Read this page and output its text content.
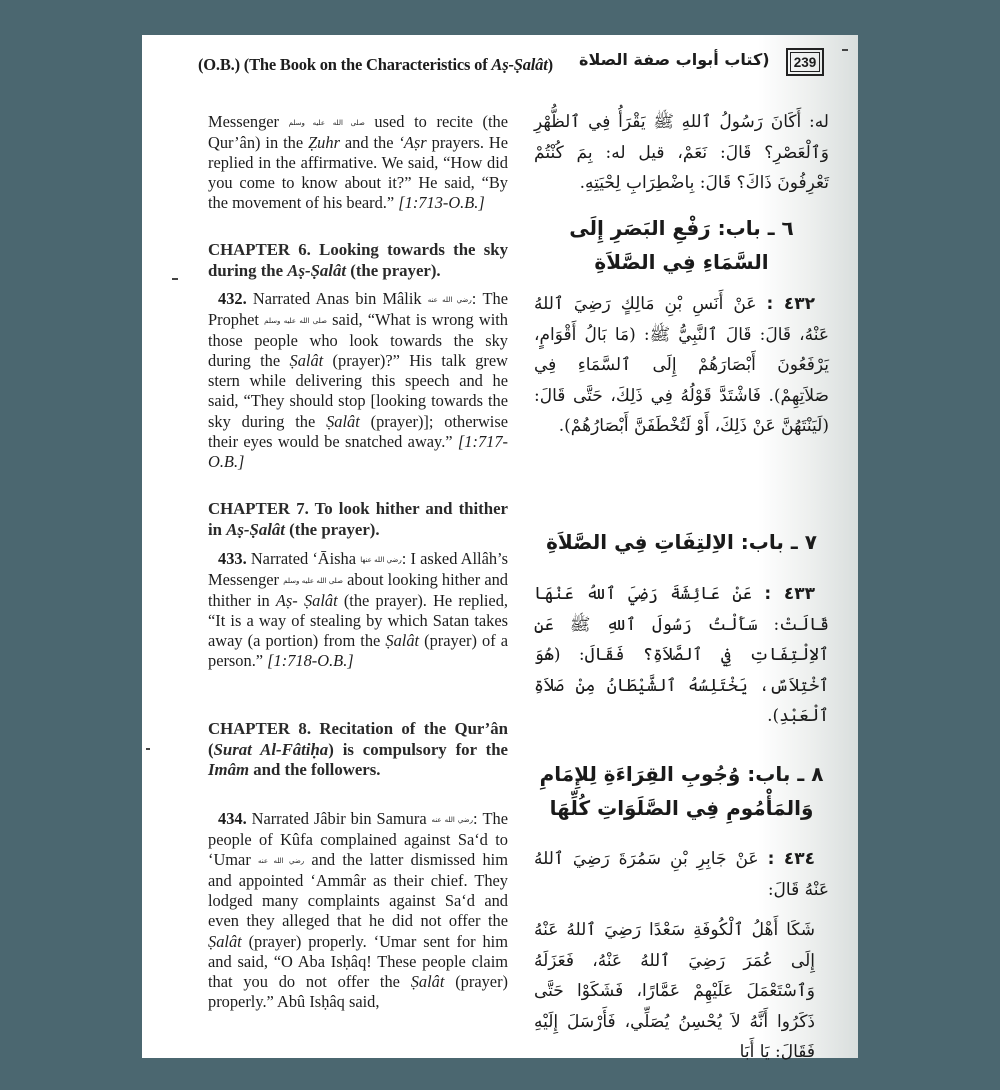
(O.B.) (The Book on the Characteristics of Aṣ-Ṣalât) (كتاب أبواب صفة الصلاة 239

Messenger صلى الله عليه وسلم used to recite (the Qur’ân) in the Ẓuhr and the ‘Aṣr prayers. He replied in the affirmative. We said, “How did you come to know about it?” He said, “By the movement of his beard.” [1:713-O.B.]

CHAPTER 6. Looking towards the sky during the Aṣ-Ṣalât (the prayer).

432. Narrated Anas bin Mâlik رضي الله عنه: The Prophet صلى الله عليه وسلم said, “What is wrong with those people who look towards the sky during the Ṣalât (prayer)?” His talk grew stern while delivering this speech and he said, “They should stop [looking towards the sky during the Ṣalât (prayer)]; otherwise their eyes would be snatched away.” [1:717-O.B.]

CHAPTER 7. To look hither and thither in Aṣ-Ṣalât (the prayer).

433. Narrated ‘Āisha رضي الله عنها: I asked Allâh’s Messenger صلى الله عليه وسلم about looking hither and thither in Aṣ- Ṣalât (the prayer). He replied, “It is a way of stealing by which Satan takes away (a portion) from the Ṣalât (prayer) of a person.” [1:718-O.B.]

CHAPTER 8. Recitation of the Qur’ân (Surat Al-Fâtiḥa) is compulsory for the Imâm and the followers.

434. Narrated Jâbir bin Samura رضي الله عنه: The people of Kûfa complained against Sa‘d to ‘Umar رضي الله عنه and the latter dismissed him and appointed ‘Ammâr as their chief. They lodged many complaints against Sa‘d and even they alleged that he did not offer the Ṣalât (prayer) properly. ‘Umar sent for him and said, “O Aba Isḥâq! These people claim that you do not offer the Ṣalât (prayer) properly.” Abû Isḥâq said,

له: أَكَانَ رَسُولُ ٱللهِ ﷺ يَقْرَأُ فِي ٱلظُّهْرِ وَٱلْعَصْرِ؟ قَالَ: نَعَمْ، قيل له: بِمَ كُنْتُمْ تَعْرِفُونَ ذَاكَ؟ قَالَ: بِاضْطِرَابِ لِحْيَتِهِ.
٦ ـ باب: رَفْعِ البَصَرِ إِلَى السَّمَاءِ فِي الصَّلاَةِ
٤٣٢ : عَنْ أَنَسِ بْنِ مَالِكٍ رَضِيَ ٱللهُ عَنْهُ، قَالَ: قَالَ ٱلنَّبِيُّ ﷺ: (مَا بَالُ أَقْوَامٍ، يَرْفَعُونَ أَبْصَارَهُمْ إِلَى ٱلسَّمَاءِ فِي صَلاَتِهِمْ). فَاشْتَدَّ قَوْلُهُ فِي ذَلِكَ، حَتَّى قَالَ: (لَيَنْتَهُنَّ عَنْ ذَلِكَ، أَوْ لَتُخْطَفَنَّ أَبْصَارُهُمْ).
٧ ـ باب: الاِلتِفَاتِ فِي الصَّلاَةِ
٤٣٣ : عَنْ عَائِشَةَ رَضِيَ ٱللهُ عَنْهَا قَالَتْ: سَأَلْتُ رَسُولَ ٱللهِ ﷺ عَنِ ٱلاِلْتِفَاتِ فِي ٱلصَّلاَةِ؟ فَقَالَ: (هُوَ ٱخْتِلاَسٌ، يَخْتَلِسُهُ ٱلشَّيْطَانُ مِنْ صَلاَةِ ٱلْعَبْدِ).
٨ ـ باب: وُجُوبِ القِرَاءَةِ لِلإِمَامِ وَالمَأْمُومِ فِي الصَّلَوَاتِ كُلِّهَا
٤٣٤ : عَنْ جَابِرِ بْنِ سَمُرَةَ رَضِيَ ٱللهُ عَنْهُ قَالَ:
شَكَا أَهْلُ ٱلْكُوفَةِ سَعْدًا رَضِيَ ٱللهُ عَنْهُ إِلَى عُمَرَ رَضِيَ ٱللهُ عَنْهُ، فَعَزَلَهُ وَٱسْتَعْمَلَ عَلَيْهِمْ عَمَّارًا، فَشَكَوْا حَتَّى ذَكَرُوا أَنَّهُ لاَ يُحْسِنُ يُصَلِّي، فَأَرْسَلَ إِلَيْهِ فَقَالَ: يَا أَبَا
